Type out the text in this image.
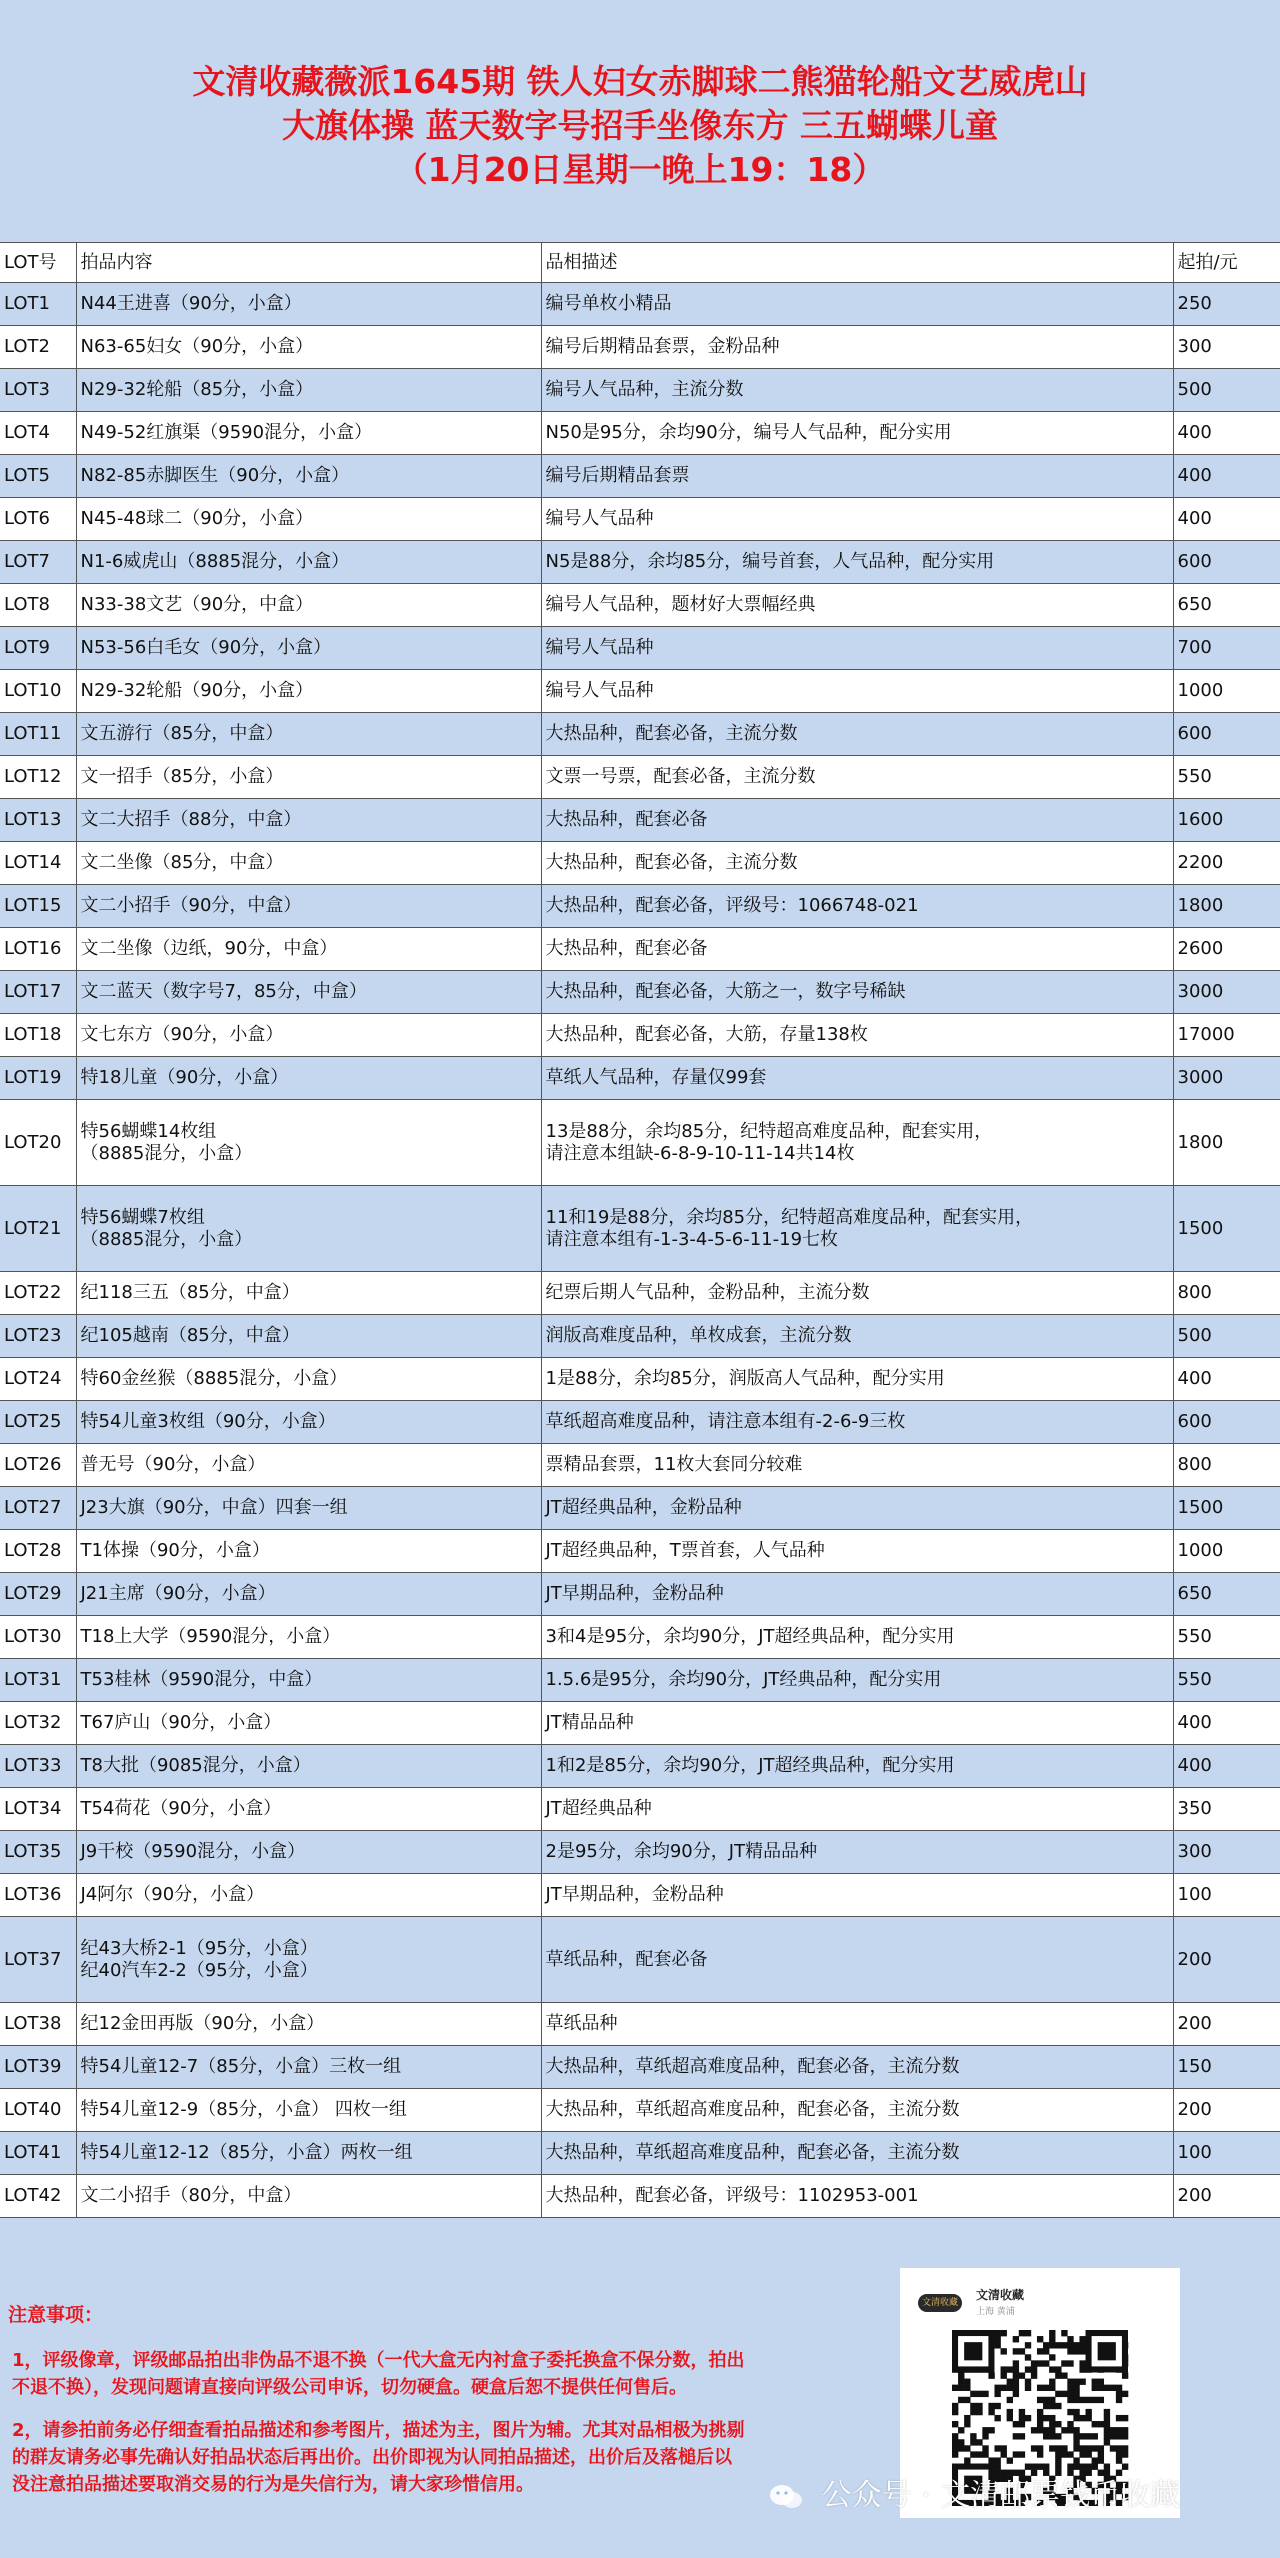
文清收藏薇派1645期 铁人妇女赤脚球二熊猫轮船文艺威虎山
大旗体操 蓝天数字号招手坐像东方 三五蝴蝶儿童
（1月20日星期一晚上19：18）
LOT号	拍品内容	品相描述	起拍/元

LOT1	N44王进喜（90分，小盒）	编号单枚小精品	250

LOT2	N63-65妇女（90分，小盒）	编号后期精品套票，金粉品种	300

LOT3	N29-32轮船（85分，小盒）	编号人气品种，主流分数	500

LOT4	N49-52红旗渠（9590混分，小盒）	N50是95分，余均90分，编号人气品种，配分实用	400

LOT5	N82-85赤脚医生（90分，小盒）	编号后期精品套票	400

LOT6	N45-48球二（90分，小盒）	编号人气品种	400

LOT7	N1-6威虎山（8885混分，小盒）	N5是88分，余均85分，编号首套，人气品种，配分实用	600

LOT8	N33-38文艺（90分，中盒）	编号人气品种，题材好大票幅经典	650

LOT9	N53-56白毛女（90分，小盒）	编号人气品种	700

LOT10	N29-32轮船（90分，小盒）	编号人气品种	1000

LOT11	文五游行（85分，中盒）	大热品种，配套必备，主流分数	600

LOT12	文一招手（85分，小盒）	文票一号票，配套必备，主流分数	550

LOT13	文二大招手（88分，中盒）	大热品种，配套必备	1600

LOT14	文二坐像（85分，中盒）	大热品种，配套必备，主流分数	2200

LOT15	文二小招手（90分，中盒）	大热品种，配套必备，评级号：1066748-021	1800

LOT16	文二坐像（边纸，90分，中盒）	大热品种，配套必备	2600

LOT17	文二蓝天（数字号7，85分，中盒）	大热品种，配套必备，大筋之一，数字号稀缺	3000

LOT18	文七东方（90分，小盒）	大热品种，配套必备，大筋，存量138枚	17000

LOT19	特18儿童（90分，小盒）	草纸人气品种，存量仅99套	3000

LOT20	特56蝴蝶14枚组
（8885混分，小盒）	13是88分，余均85分，纪特超高难度品种，配套实用，
请注意本组缺-6-8-9-10-11-14共14枚	1800

LOT21	特56蝴蝶7枚组
（8885混分，小盒）	11和19是88分，余均85分，纪特超高难度品种，配套实用，
请注意本组有-1-3-4-5-6-11-19七枚	1500

LOT22	纪118三五（85分，中盒）	纪票后期人气品种，金粉品种，主流分数	800

LOT23	纪105越南（85分，中盒）	润版高难度品种，单枚成套，主流分数	500

LOT24	特60金丝猴（8885混分，小盒）	1是88分，余均85分，润版高人气品种，配分实用	400

LOT25	特54儿童3枚组（90分，小盒）	草纸超高难度品种，请注意本组有-2-6-9三枚	600

LOT26	普无号（90分，小盒）	票精品套票，11枚大套同分较难	800

LOT27	J23大旗（90分，中盒）四套一组	JT超经典品种，金粉品种	1500

LOT28	T1体操（90分，小盒）	JT超经典品种，T票首套，人气品种	1000

LOT29	J21主席（90分，小盒）	JT早期品种，金粉品种	650

LOT30	T18上大学（9590混分，小盒）	3和4是95分，余均90分，JT超经典品种，配分实用	550

LOT31	T53桂林（9590混分，中盒）	1.5.6是95分，余均90分，JT经典品种，配分实用	550

LOT32	T67庐山（90分，小盒）	JT精品品种	400

LOT33	T8大批（9085混分，小盒）	1和2是85分，余均90分，JT超经典品种，配分实用	400

LOT34	T54荷花（90分，小盒）	JT超经典品种	350

LOT35	J9干校（9590混分，小盒）	2是95分，余均90分，JT精品品种	300

LOT36	J4阿尔（90分，小盒）	JT早期品种，金粉品种	100

LOT37	纪43大桥2-1（95分，小盒）
纪40汽车2-2（95分，小盒）	草纸品种，配套必备	200

LOT38	纪12金田再版（90分，小盒）	草纸品种	200

LOT39	特54儿童12-7（85分，小盒）三枚一组	大热品种，草纸超高难度品种，配套必备，主流分数	150

LOT40	特54儿童12-9（85分，小盒） 四枚一组	大热品种，草纸超高难度品种，配套必备，主流分数	200

LOT41	特54儿童12-12（85分，小盒）两枚一组	大热品种，草纸超高难度品种，配套必备，主流分数	100

LOT42	文二小招手（80分，中盒）	大热品种，配套必备，评级号：1102953-001	200
注意事项：
1，评级像章，评级邮品拍出非伪品不退不换（一代大盒无内衬盒子委托换盒不保分数，拍出
不退不换），发现问题请直接向评级公司申诉，切勿硬盒。硬盒后恕不提供任何售后。
2，请参拍前务必仔细查看拍品描述和参考图片，描述为主，图片为辅。尤其对品相极为挑剔
的群友请务必事先确认好拍品状态后再出价。出价即视为认同拍品描述，出价后及落槌后以
没注意拍品描述要取消交易的行为是失信行为，请大家珍惜信用。
文清收藏
文清收藏
上海 黄浦
公众号 · 文清邮票钱币收藏
